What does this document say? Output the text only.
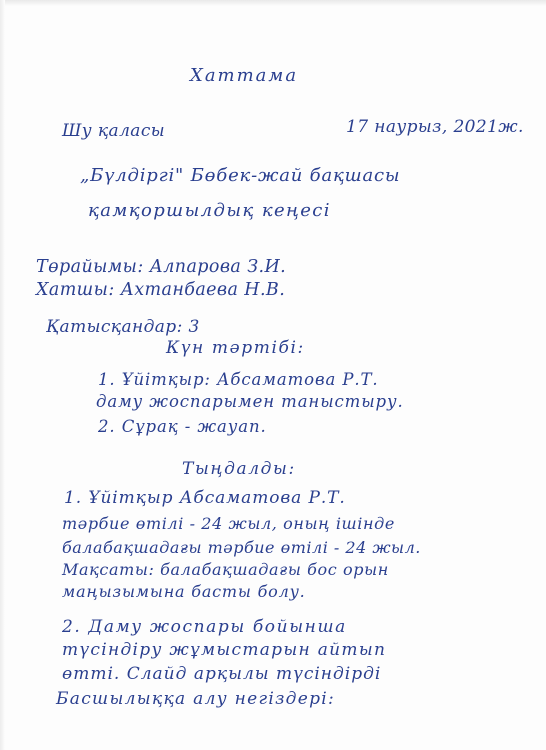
Хаттама
Шу қаласы	17 наурыз, 2021ж.
„Бүлдіргі" Бөбек-жай бақшасы
қамқоршылдық кеңесі
Төрайымы: Алпарова З.И.
Хатшы: Ахтанбаева Н.В.
Қатысқандар: 3
Күн тәртібі:
1. Ұйітқыр: Абсаматова Р.Т.
даму жоспарымен таныстыру.
2. Сұрақ - жауап.
Тыңдалды:
1. Ұйітқыр Абсаматова Р.Т.
тәрбие өтілі - 24 жыл, оның ішінде
балабақшадағы тәрбие өтілі - 24 жыл.
Мақсаты: балабақшадағы бос орын
маңызымына басты болу.
2. Даму жоспары бойынша
түсіндіру жұмыстарын айтып
өтті. Слайд арқылы түсіндірді
Басшылыққа алу негіздері:
